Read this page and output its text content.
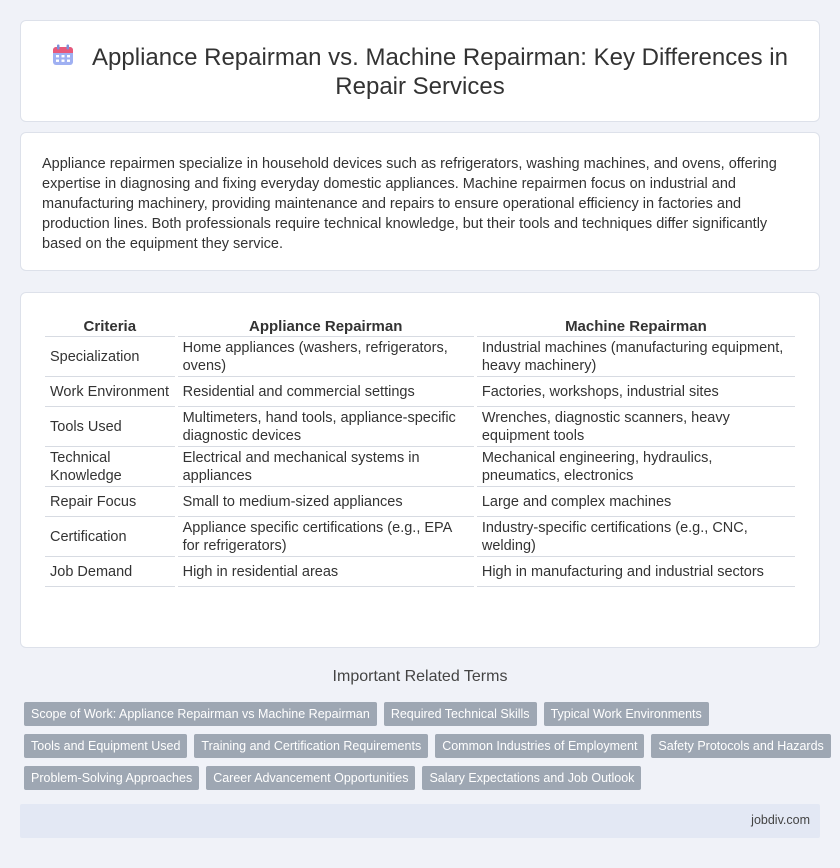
Appliance Repairman vs. Machine Repairman: Key Differences in Repair Services

Appliance repairmen specialize in household devices such as refrigerators, washing machines, and ovens, offering expertise in diagnosing and fixing everyday domestic appliances. Machine repairmen focus on industrial and manufacturing machinery, providing maintenance and repairs to ensure operational efficiency in factories and production lines. Both professionals require technical knowledge, but their tools and techniques differ significantly based on the equipment they service.

Criteria	Appliance Repairman	Machine Repairman
Specialization	Home appliances (washers, refrigerators, ovens)	Industrial machines (manufacturing equipment, heavy machinery)
Work Environment	Residential and commercial settings	Factories, workshops, industrial sites
Tools Used	Multimeters, hand tools, appliance-specific diagnostic devices	Wrenches, diagnostic scanners, heavy equipment tools
Technical Knowledge	Electrical and mechanical systems in appliances	Mechanical engineering, hydraulics, pneumatics, electronics
Repair Focus	Small to medium-sized appliances	Large and complex machines
Certification	Appliance specific certifications (e.g., EPA for refrigerators)	Industry-specific certifications (e.g., CNC, welding)
Job Demand	High in residential areas	High in manufacturing and industrial sectors
Important Related Terms
Scope of Work: Appliance Repairman vs Machine Repairman	Required Technical Skills	Typical Work Environments
Tools and Equipment Used	Training and Certification Requirements	Common Industries of Employment	Safety Protocols and Hazards
Problem-Solving Approaches	Career Advancement Opportunities	Salary Expectations and Job Outlook
jobdiv.com
